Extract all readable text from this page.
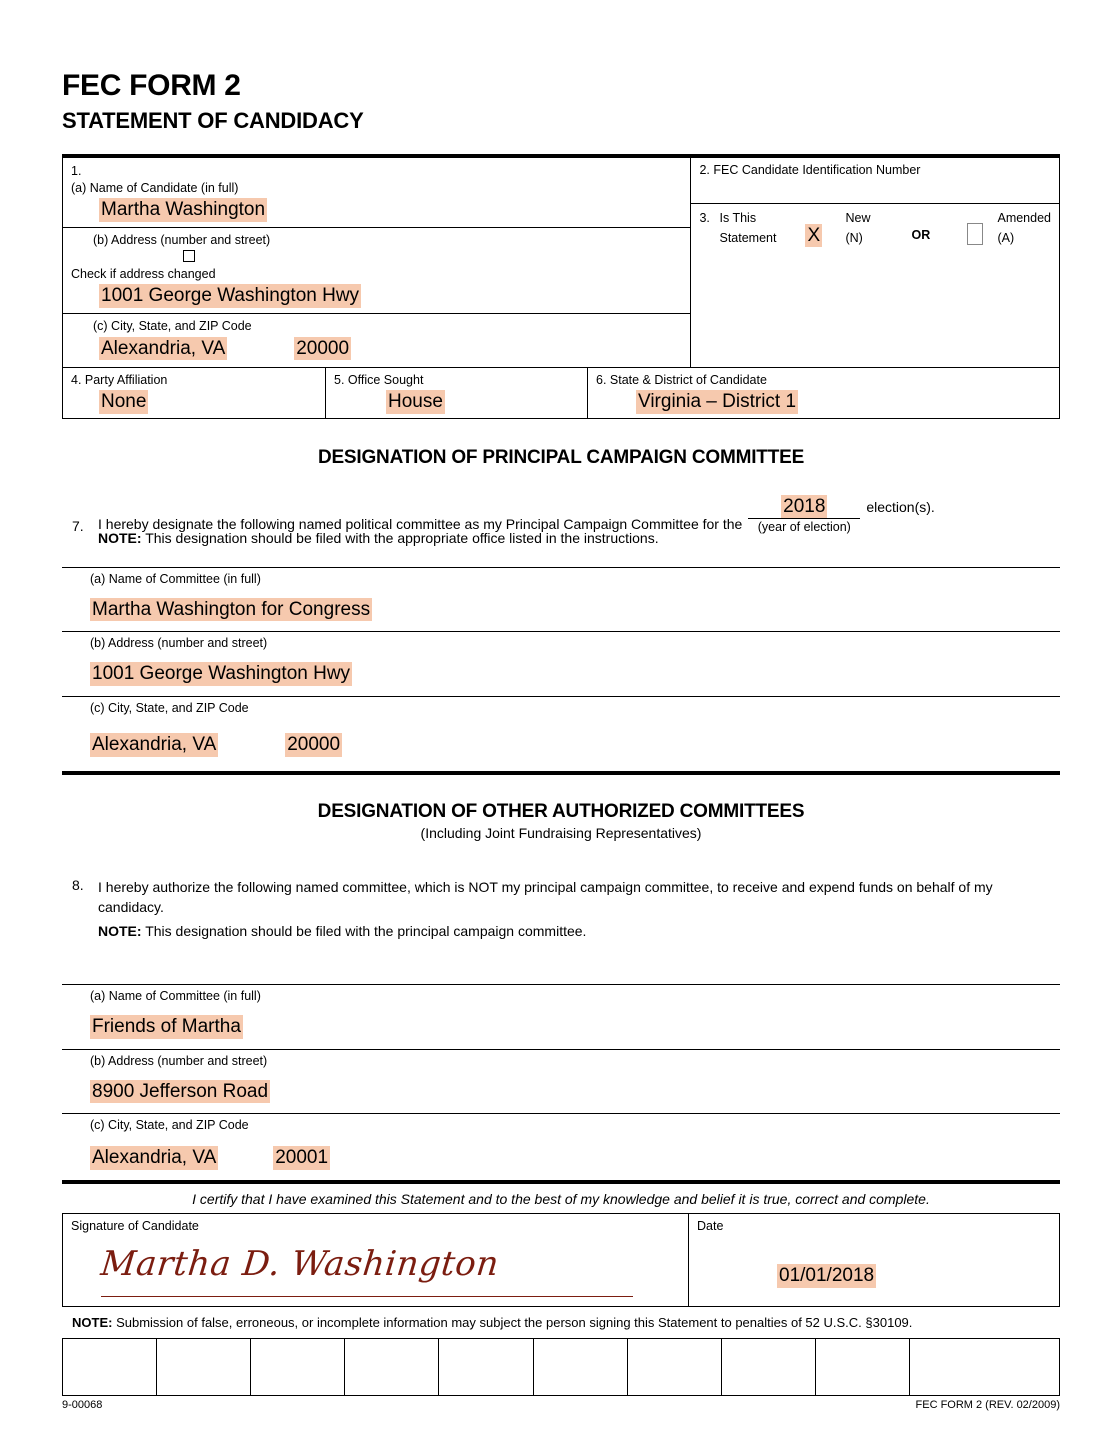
FEC FORM 2
STATEMENT OF CANDIDACY
1.
(a) Name of Candidate (in full)
Martha Washington
(b) Address (number and street)

Check if address changed
1001 George Washington Hwy
(c) City, State, and ZIP Code
Alexandria, VA	20000
2. FEC Candidate Identification Number
3. Is This
Statement	X
New
(N)	OR
Amended
(A)
4. Party Affiliation
None
5. Office Sought
House
6. State & District of Candidate
Virginia – District 1
DESIGNATION OF PRINCIPAL CAMPAIGN COMMITTEE
7.	I hereby designate the following named political committee as my Principal Campaign Committee for the
2018
(year of election)
election(s).
NOTE: This designation should be filed with the appropriate office listed in the instructions.
(a) Name of Committee (in full)
Martha Washington for Congress
(b) Address (number and street)
1001 George Washington Hwy
(c) City, State, and ZIP Code
Alexandria, VA	20000
DESIGNATION OF OTHER AUTHORIZED COMMITTEES
(Including Joint Fundraising Representatives)
8.	I hereby authorize the following named committee, which is NOT my principal campaign committee, to receive and expend funds on behalf of my candidacy.
NOTE: This designation should be filed with the principal campaign committee.
(a) Name of Committee (in full)
Friends of Martha
(b) Address (number and street)
8900 Jefferson Road
(c) City, State, and ZIP Code
Alexandria, VA	20001
I certify that I have examined this Statement and to the best of my knowledge and belief it is true, correct and complete.
Signature of Candidate
Martha D. Washington
Date
01/01/2018
NOTE: Submission of false, erroneous, or incomplete information may subject the person signing this Statement to penalties of 52 U.S.C. §30109.
9-00068	FEC FORM 2 (REV. 02/2009)
